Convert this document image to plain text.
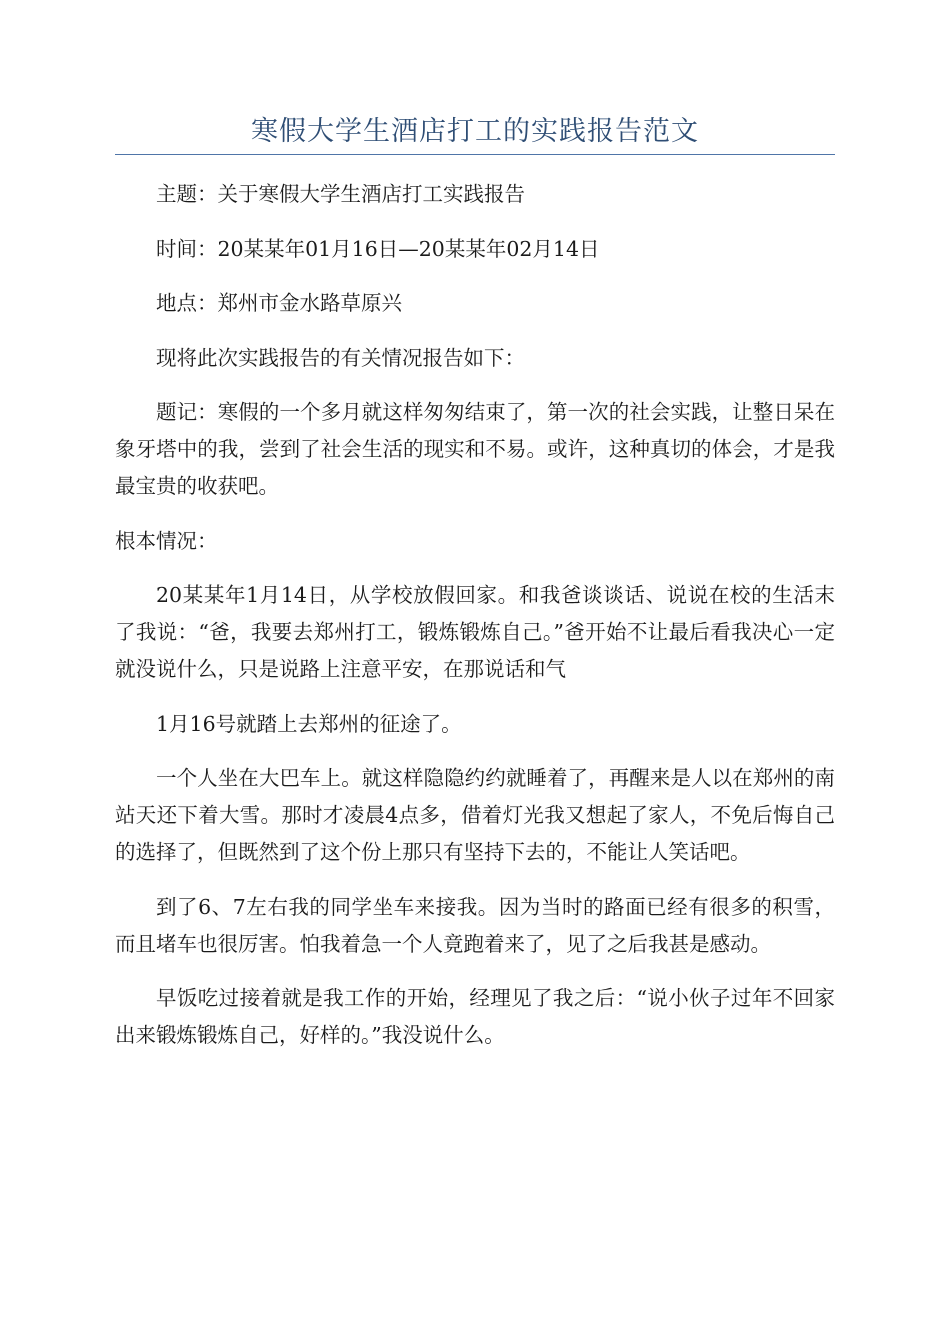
寒假大学生酒店打工的实践报告范文

主题：关于寒假大学生酒店打工实践报告

时间：20某某年01月16日—20某某年02月14日

地点：郑州市金水路草原兴

现将此次实践报告的有关情况报告如下：

题记：寒假的一个多月就这样匆匆结束了，第一次的社会实践，让整日呆在象牙塔中的我，尝到了社会生活的现实和不易。或许，这种真切的体会，才是我最宝贵的收获吧。

根本情况：

20某某年1月14日，从学校放假回家。和我爸谈谈话、说说在校的生活末了我说：“爸，我要去郑州打工，锻炼锻炼自己。”爸开始不让最后看我决心一定就没说什么，只是说路上注意平安，在那说话和气

1月16号就踏上去郑州的征途了。

一个人坐在大巴车上。就这样隐隐约约就睡着了，再醒来是人以在郑州的南站天还下着大雪。那时才凌晨4点多，借着灯光我又想起了家人，不免后悔自己的选择了，但既然到了这个份上那只有坚持下去的，不能让人笑话吧。

到了6、7左右我的同学坐车来接我。因为当时的路面已经有很多的积雪，而且堵车也很厉害。怕我着急一个人竟跑着来了，见了之后我甚是感动。

早饭吃过接着就是我工作的开始，经理见了我之后：“说小伙子过年不回家出来锻炼锻炼自己，好样的。”我没说什么。
